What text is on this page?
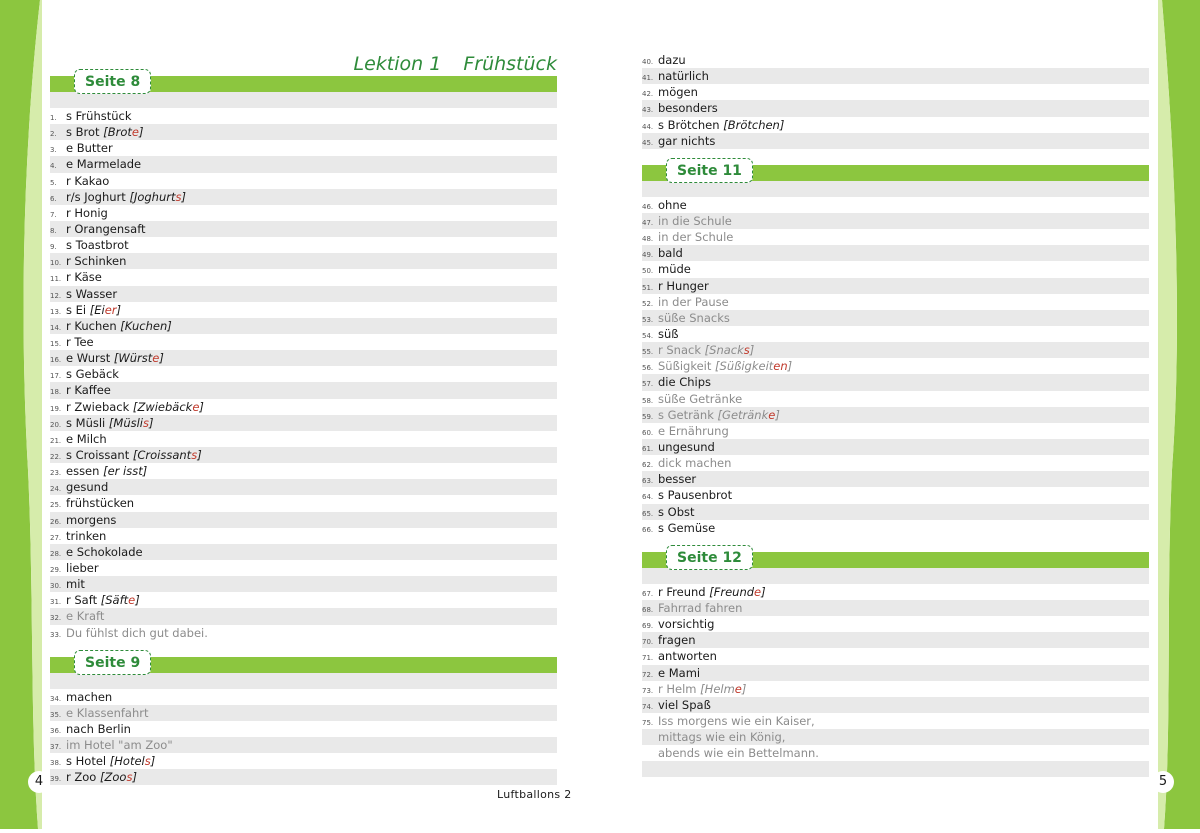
Lektion 1 Frühstück
Seite 8
1 . s Frühstück
2 . s Brot [Brote]
3 . e Butter
4 . e Marmelade
5 . r Kakao
6 . r/s Joghurt [Joghurts]
7 . r Honig
8 . r Orangensaft
9 . s Toastbrot
10 . r Schinken
11 . r Käse
12 . s Wasser
13 . s Ei [Eier]
14 . r Kuchen [Kuchen]
15 . r Tee
16 . e Wurst [Würste]
17 . s Gebäck
18 . r Kaffee
19 . r Zwieback [Zwiebäcke]
20 . s Müsli [Müslis]
21 . e Milch
22 . s Croissant [Croissants]
23 . essen [er isst]
24 . gesund
25 . frühstücken
26 . morgens
27 . trinken
28 . e Schokolade
29 . lieber
30 . mit
31 . r Saft [Säfte]
32 . e Kraft
33 . Du fühlst dich gut dabei.
Seite 9
34 . machen
35 . e Klassenfahrt
36 . nach Berlin
37 . im Hotel "am Zoo"
38 . s Hotel [Hotels]
39 . r Zoo [Zoos]
40 . dazu
41 . natürlich
42 . mögen
43 . besonders
44 . s Brötchen [Brötchen]
45 . gar nichts
Seite 11
46 . ohne
47 . in die Schule
48 . in der Schule
49 . bald
50 . müde
51 . r Hunger
52 . in der Pause
53 . süße Snacks
54 . süß
55 . r Snack [Snacks]
56 . Süßigkeit [Süßigkeiten]
57 . die Chips
58 . süße Getränke
59 . s Getränk [Getränke]
60 . e Ernährung
61 . ungesund
62 . dick machen
63 . besser
64 . s Pausenbrot
65 . s Obst
66 . s Gemüse
Seite 12
67 . r Freund [Freunde]
68 . Fahrrad fahren
69 . vorsichtig
70 . fragen
71 . antworten
72 . e Mami
73 . r Helm [Helme]
74 . viel Spaß
75 . Iss morgens wie ein Kaiser,
mittags wie ein König,
abends wie ein Bettelmann.
4	5
Luftballons 2
